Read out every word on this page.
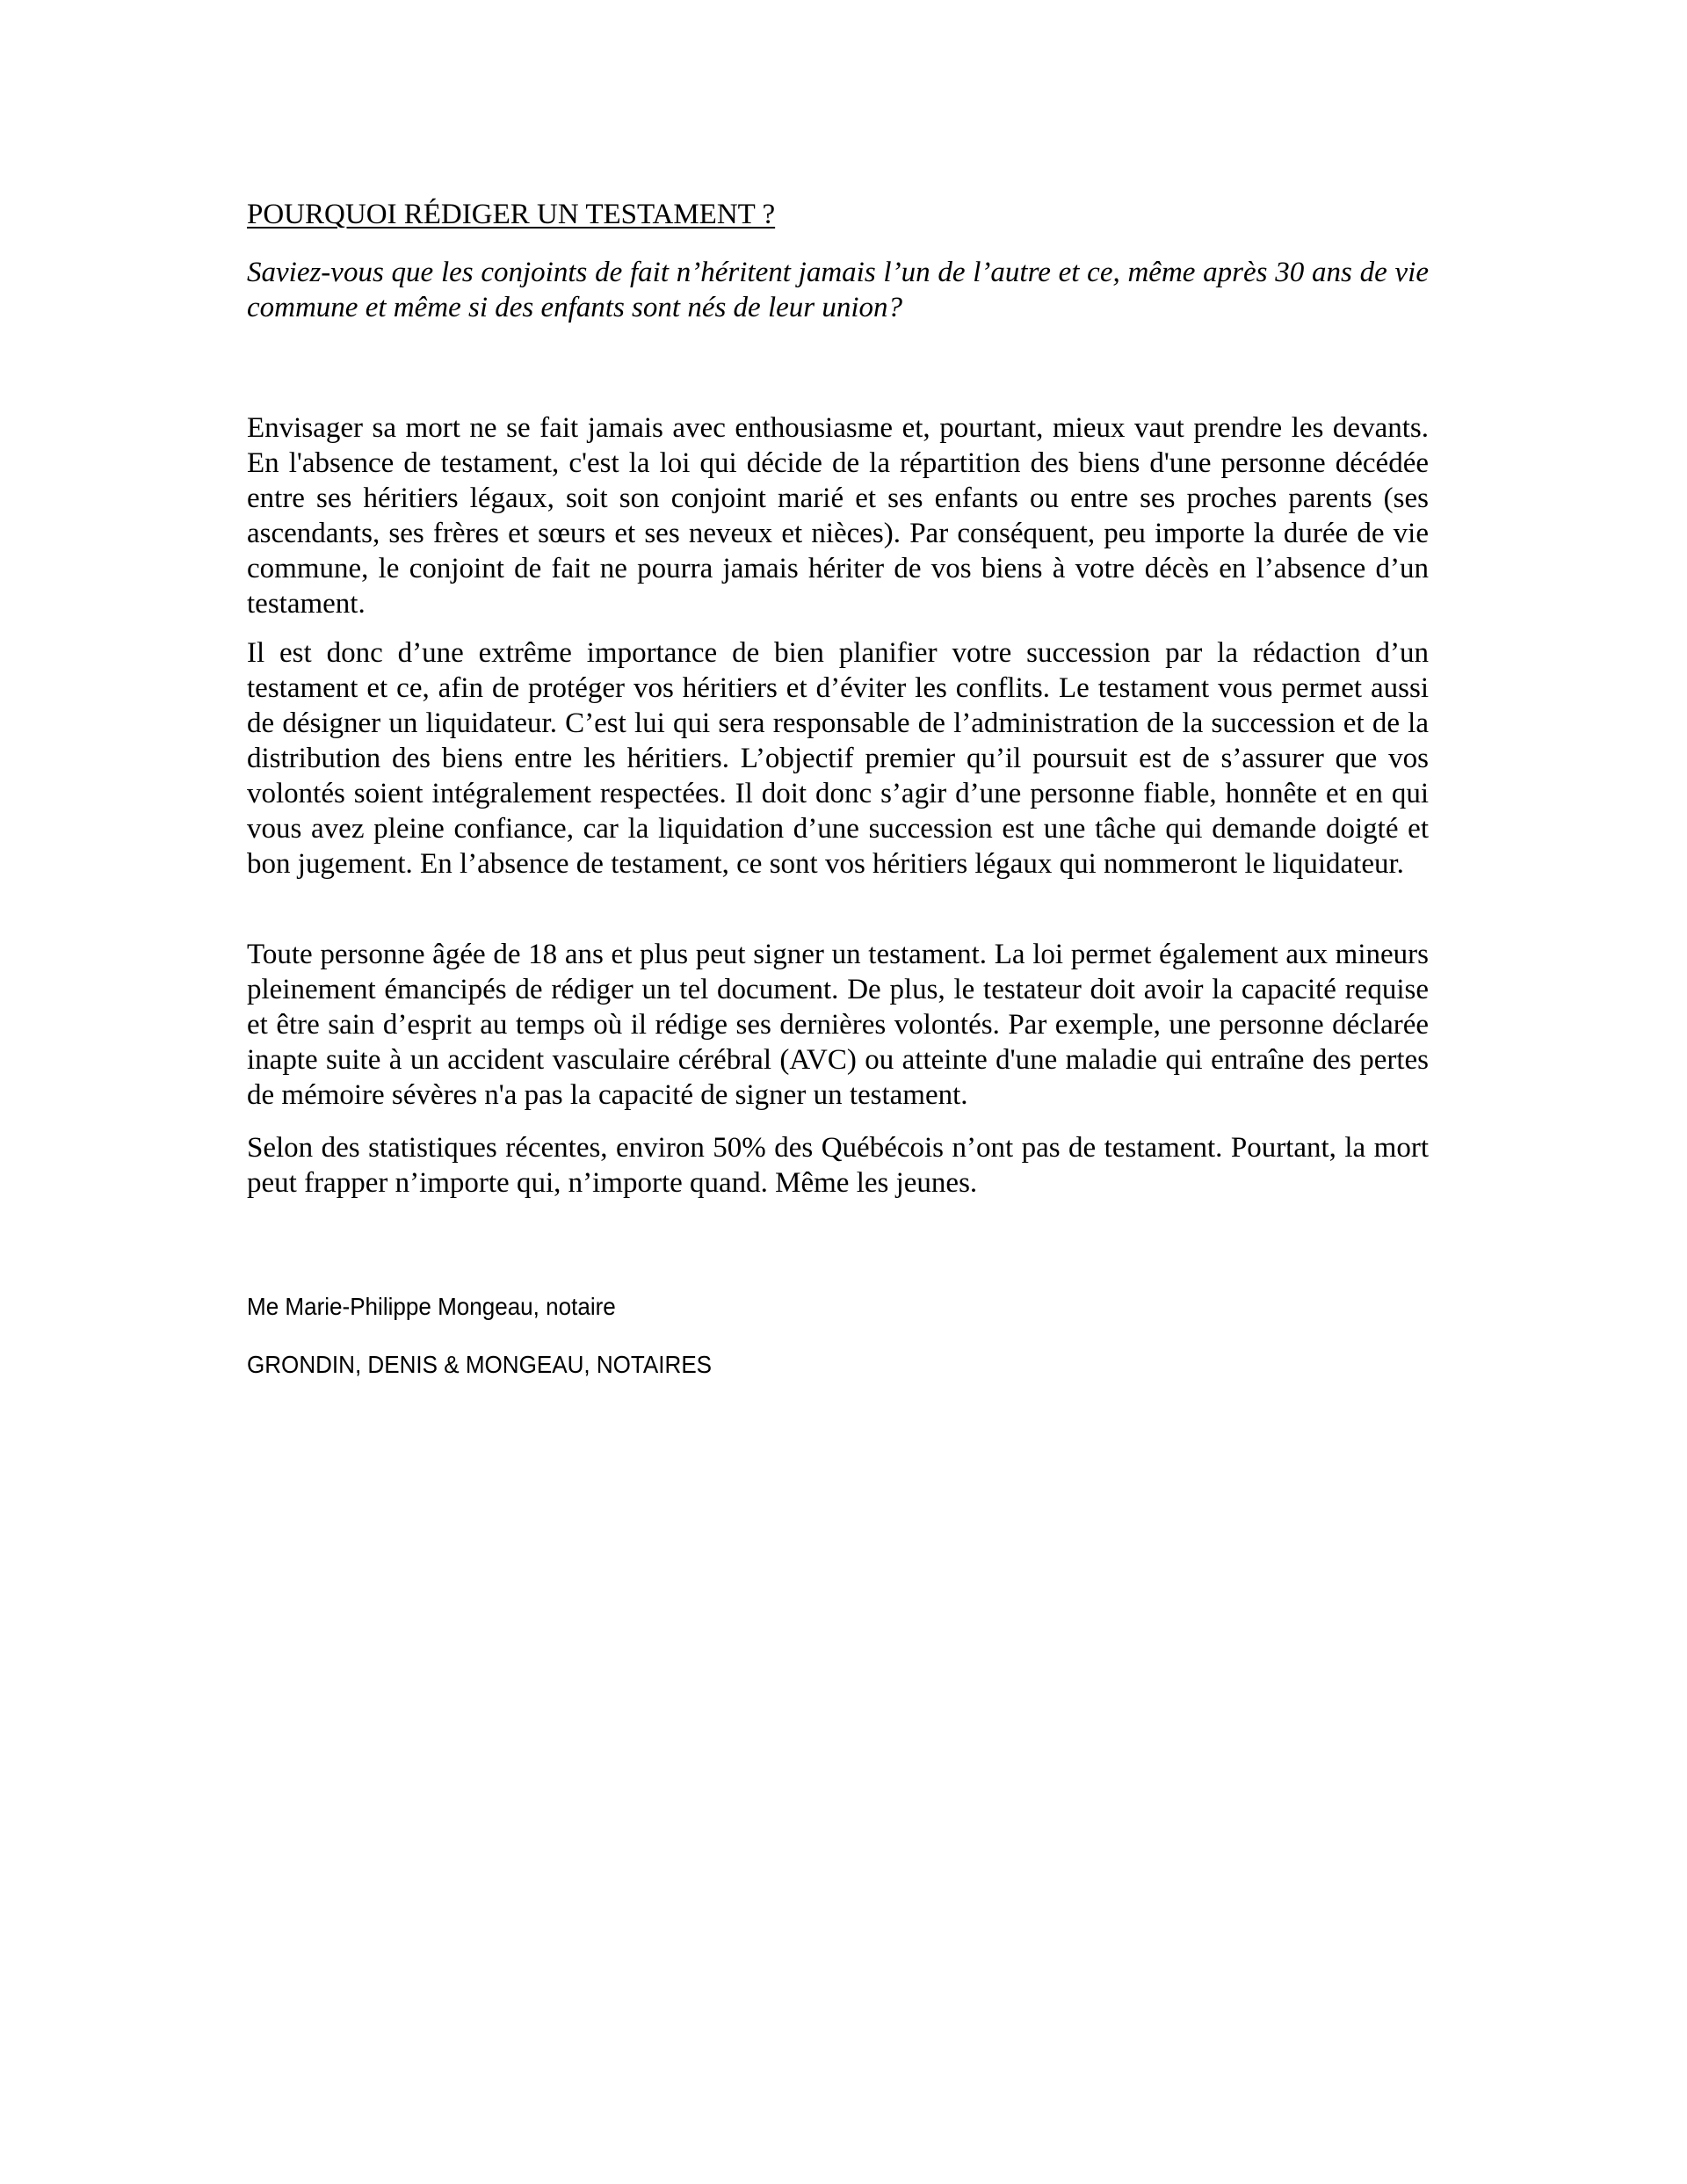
POURQUOI RÉDIGER UN TESTAMENT ?

Saviez-vous que les conjoints de fait n’héritent jamais l’un de l’autre et ce, même après 30 ans de vie commune et même si des enfants sont nés de leur union?

Envisager sa mort ne se fait jamais avec enthousiasme et, pourtant, mieux vaut prendre les devants. En l'absence de testament, c'est la loi qui décide de la répartition des biens d'une personne décédée entre ses héritiers légaux, soit son conjoint marié et ses enfants ou entre ses proches parents (ses ascendants, ses frères et sœurs et ses neveux et nièces). Par conséquent, peu importe la durée de vie commune, le conjoint de fait ne pourra jamais hériter de vos biens à votre décès en l’absence d’un testament.

Il est donc d’une extrême importance de bien planifier votre succession par la rédaction d’un testament et ce, afin de protéger vos héritiers et d’éviter les conflits. Le testament vous permet aussi de désigner un liquidateur. C’est lui qui sera responsable de l’administration de la succession et de la distribution des biens entre les héritiers. L’objectif premier qu’il poursuit est de s’assurer que vos volontés soient intégralement respectées. Il doit donc s’agir d’une personne fiable, honnête et en qui vous avez pleine confiance, car la liquidation d’une succession est une tâche qui demande doigté et bon jugement. En l’absence de testament, ce sont vos héritiers légaux qui nommeront le liquidateur.

Toute personne âgée de 18 ans et plus peut signer un testament. La loi permet également aux mineurs pleinement émancipés de rédiger un tel document. De plus, le testateur doit avoir la capacité requise et être sain d’esprit au temps où il rédige ses dernières volontés. Par exemple, une personne déclarée inapte suite à un accident vasculaire cérébral (AVC) ou atteinte d'une maladie qui entraîne des pertes de mémoire sévères n'a pas la capacité de signer un testament.

Selon des statistiques récentes, environ 50% des Québécois n’ont pas de testament. Pourtant, la mort peut frapper n’importe qui, n’importe quand. Même les jeunes.

Me Marie-Philippe Mongeau, notaire

GRONDIN, DENIS & MONGEAU, NOTAIRES
